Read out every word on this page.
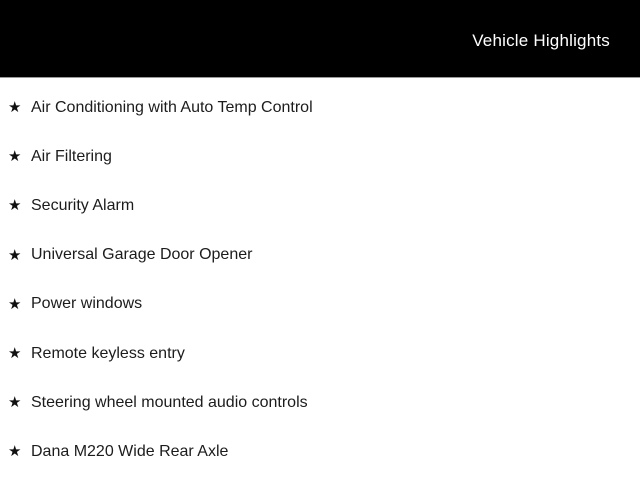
Vehicle Highlights
★ Air Conditioning with Auto Temp Control
★ Air Filtering
★ Security Alarm
★ Universal Garage Door Opener
★ Power windows
★ Remote keyless entry
★ Steering wheel mounted audio controls
★ Dana M220 Wide Rear Axle
